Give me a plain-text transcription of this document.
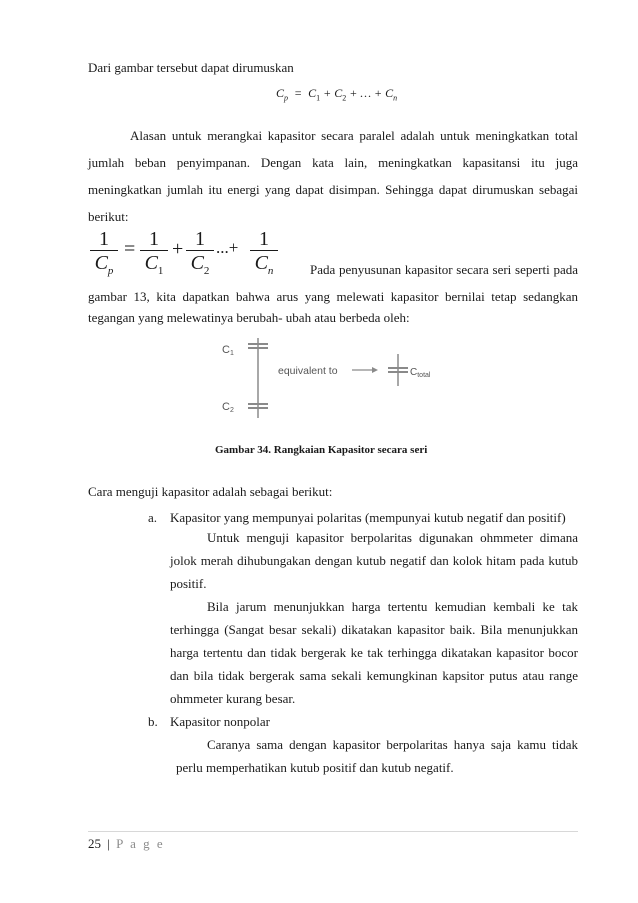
Dari gambar tersebut dapat dirumuskan
$C_p = C_1 + C_2$ + … + $C_n$
Alasan untuk merangkai kapasitor secara paralel adalah untuk meningkatkan total
jumlah beban penyimpanan. Dengan kata lain, meningkatkan kapasitansi itu juga
meningkatkan jumlah itu energi yang dapat disimpan. Sehingga dapat dirumuskan sebagai
berikut:
$\frac{1}{C_p} = \frac{1}{C_1} + \frac{1}{C_2}$ ...+ $\frac{1}{C_n}$ Pada penyusunan kapasitor secara seri seperti pada
gambar 13, kita dapatkan bahwa arus yang melewati kapasitor bernilai tetap sedangkan
tegangan yang melewatinya berubah- ubah atau berbeda oleh:
C1
C2
equivalent to	$C_{total}$
Gambar 34. Rangkaian Kapasitor secara seri
Cara menguji kapasitor adalah sebagai berikut:
a. Kapasitor yang mempunyai polaritas (mempunyai kutub negatif dan positif)
Untuk menguji kapasitor berpolaritas digunakan ohmmeter dimana
jolok merah dihubungakan dengan kutub negatif dan kolok hitam pada kutub
positif.
Bila jarum menunjukkan harga tertentu kemudian kembali ke tak
terhingga (Sangat besar sekali) dikatakan kapasitor baik. Bila menunjukkan
harga tertentu dan tidak bergerak ke tak terhingga dikatakan kapasitor bocor
dan bila tidak bergerak sama sekali kemungkinan kapsitor putus atau range
ohmmeter kurang besar.
b. Kapasitor nonpolar
Caranya sama dengan kapasitor berpolaritas hanya saja kamu tidak
perlu memperhatikan kutub positif dan kutub negatif.
25 | P a g e
